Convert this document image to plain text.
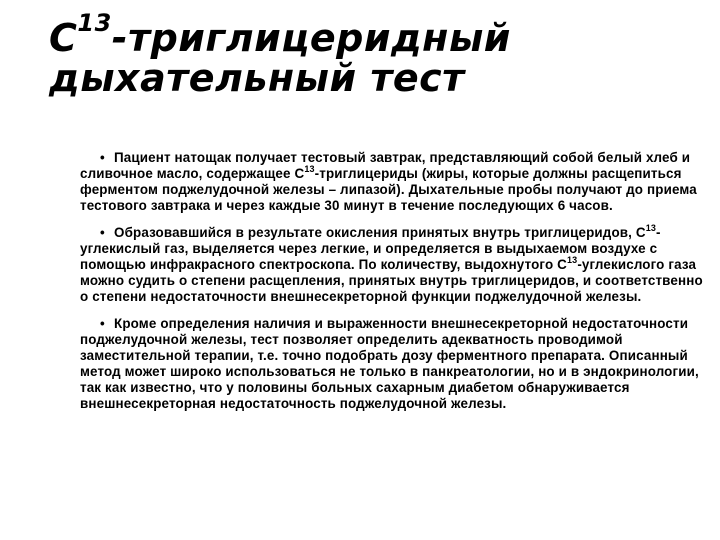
$C^{13}$-триглицеридный
дыхательный тест

• Пациент натощак получает тестовый завтрак, представляющий собой белый хлеб и сливочное масло, содержащее $С^{13}$-триглицериды (жиры, которые должны расщепиться ферментом поджелудочной железы – липазой). Дыхательные пробы получают до приема тестового завтрака и через каждые 30 минут в течение последующих 6 часов.

• Образовавшийся в результате окисления принятых внутрь триглицеридов, $С^{13}$-углекислый газ, выделяется через легкие, и определяется в выдыхаемом воздухе с помощью инфракрасного спектроскопа. По количеству, выдохнутого $С^{13}$-углекислого газа можно судить о степени расщепления, принятых внутрь триглицеридов, и соответственно о степени недостаточности внешнесекреторной функции поджелудочной железы.

• Кроме определения наличия и выраженности внешнесекреторной недостаточности поджелудочной железы, тест позволяет определить адекватность проводимой заместительной терапии, т.е. точно подобрать дозу ферментного препарата. Описанный метод может широко использоваться не только в панкреатологии, но и в эндокринологии, так как известно, что у половины больных сахарным диабетом обнаруживается внешнесекреторная недостаточность поджелудочной железы.
